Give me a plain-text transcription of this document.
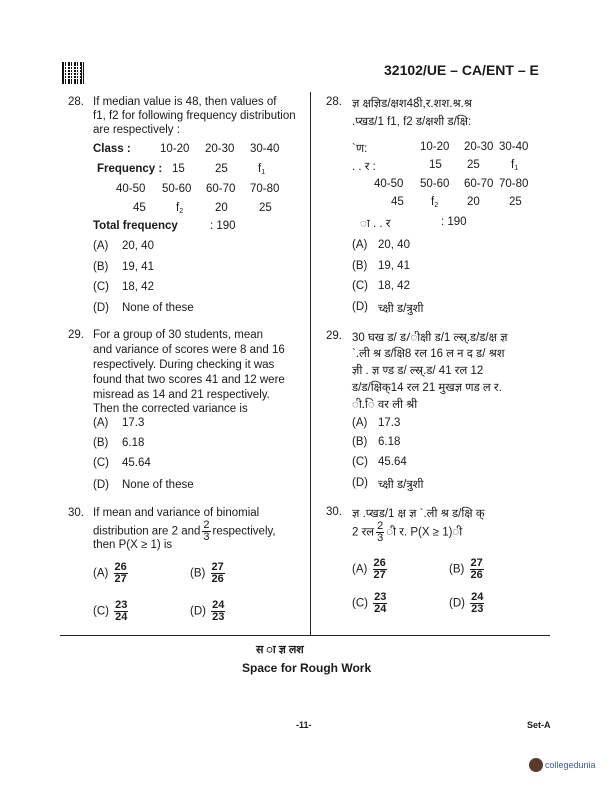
32102/UE – CA/ENT – E
28. If median value is 48, then values of
f1, f2 for following frequency distribution
are respectively :
Class :	10-20 20-30 30-40
Frequency : 15	25	$f_1$
40-50 50-60 60-70 70-80
45	$f_2$	20	25
Total frequency	: 190
(A) 20, 40
(B) 19, 41
(C) 18, 42
(D) None of these
29. For a group of 30 students, mean
and variance of scores were 8 and 16
respectively. During checking it was
found that two scores 41 and 12 were
misread as 14 and 21 respectively.
Then the corrected variance is
(A) 17.3
(B) 6.18
(C) 45.64
(D) None of these
30. If mean and variance of binomial
distribution are 2 and $\frac{2}{3}$ respectively,
then P(X ≥ 1) is
$(A) \frac{26}{27}$	$(B) \frac{27}{26}$
$(C) \frac{23}{24}$	$(D) \frac{24}{23}$
28. ज्ञ क्षज्ञिड/क्षश48ी,र.शश.श्र.श्र
.प्खड/1 f1, f2 ड/क्षशी ड/क्षि:
`ण:	10-20 20-30 30-40
. . र :	15 25	$f_1$
40-50 50-60 60-70 70-80
45 $f_2$	20	25
ा . . र	: 190
(A) 20, 40
(B) 19, 41
(C) 18, 42
(D) च्क्षी ड/त्रुशी
29. 30 घख ड/ ड/ीक्षी ड/1 ल्स्र्.ड/ड/क्ष ज्ञ
`.ली श्र ड/क्षि8 रल 16 ल न द ड/ श्रश
ज्ञी . ज्ञ ण्ड ड/ ल्स्र्.ड/ 41 रल 12
ड/ड/क्षिक्14 रल 21 मुखज्ञ णड ल र.
ी.ि वर ली श्री
(A) 17.3
(B) 6.18
(C) 45.64
(D) च्क्षी ड/त्रुशी
30. ज्ञ .प्खड/1 क्ष ज्ञ `.ली श्र ड/क्षि क्
2 रल $\frac{2}{3}$ ी र. P(X ≥ 1)ी
$(A) \frac{26}{27}$	$(B) \frac{27}{26}$
$(C) \frac{23}{24}$	$(D) \frac{24}{23}$
स ा ज्ञ लश
Space for Rough Work
-11-	Set-A
collegedunia
